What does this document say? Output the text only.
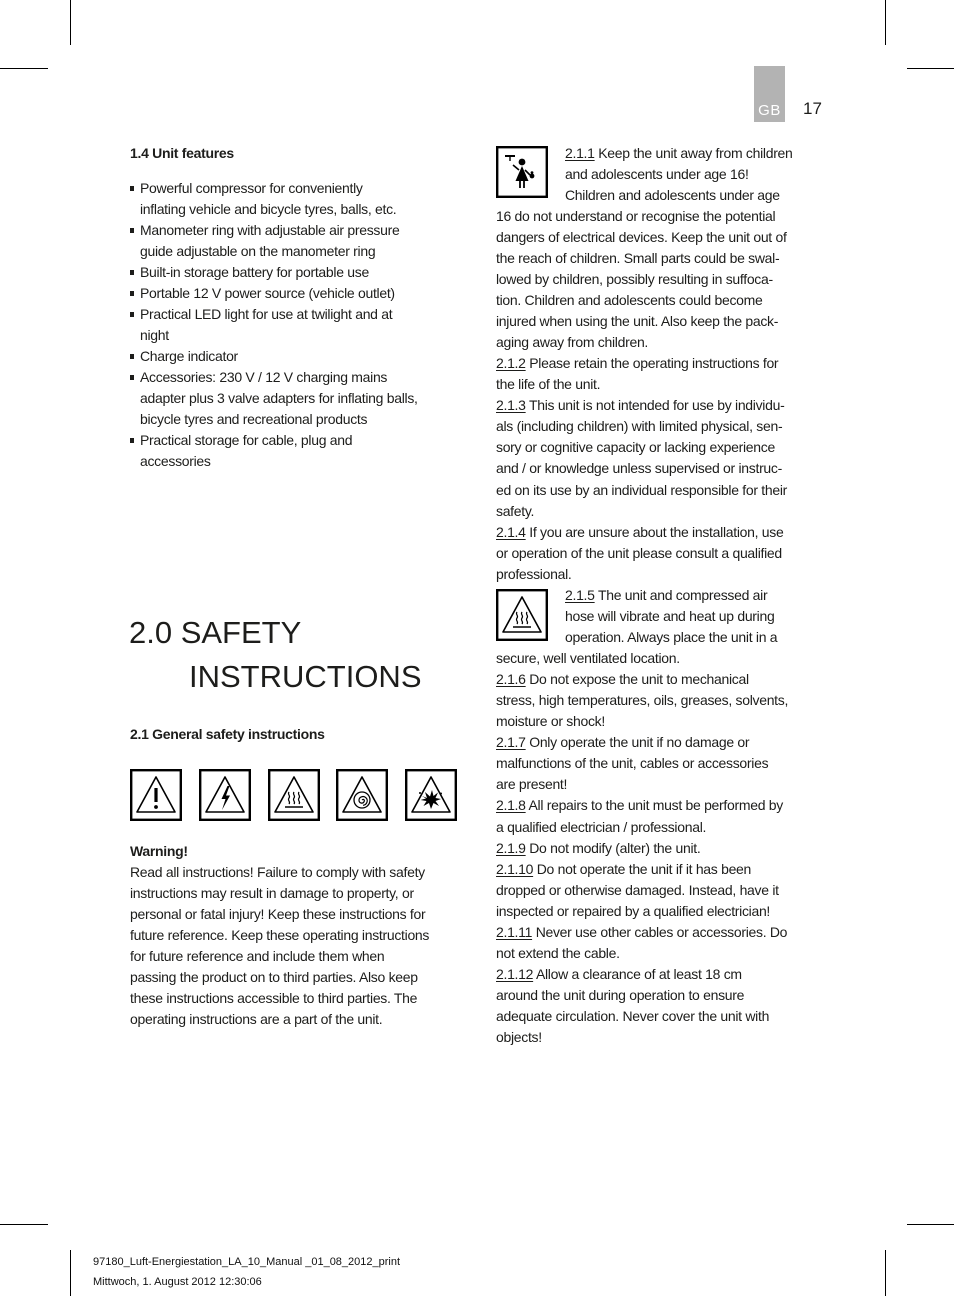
GB 17
1.4 Unit features
Powerful compressor for conveniently
inflating vehicle and bicycle tyres, balls, etc.
Manometer ring with adjustable air pressure
guide adjustable on the manometer ring
Built-in storage battery for portable use
Portable 12 V power source (vehicle outlet)
Practical LED light for use at twilight and at
night
Charge indicator
Accessories: 230 V / 12 V charging mains
adapter plus 3 valve adapters for inflating balls,
bicycle tyres and recreational products
Practical storage for cable, plug and
accessories
2.0 SAFETY
INSTRUCTIONS
2.1 General safety instructions
Warning!
Read all instructions! Failure to comply with safety
instructions may result in damage to property, or
personal or fatal injury! Keep these instructions for
future reference. Keep these operating instructions
for future reference and include them when
passing the product on to third parties. Also keep
these instructions accessible to third parties. The
operating instructions are a part of the unit.
2.1.1 Keep the unit away from children
and adolescents under age 16!
Children and adolescents under age
16 do not understand or recognise the potential
dangers of electrical devices. Keep the unit out of
the reach of children. Small parts could be swal-
lowed by children, possibly resulting in suffoca-
tion. Children and adolescents could become
injured when using the unit. Also keep the pack-
aging away from children.
2.1.2 Please retain the operating instructions for
the life of the unit.
2.1.3 This unit is not intended for use by individu-
als (including children) with limited physical, sen-
sory or cognitive capacity or lacking experience
and / or knowledge unless supervised or instruc-
ed on its use by an individual responsible for their
safety.
2.1.4 If you are unsure about the installation, use
or operation of the unit please consult a qualified
professional.
2.1.5 The unit and compressed air
hose will vibrate and heat up during
operation. Always place the unit in a
secure, well ventilated location.
2.1.6 Do not expose the unit to mechanical
stress, high temperatures, oils, greases, solvents,
moisture or shock!
2.1.7 Only operate the unit if no damage or
malfunctions of the unit, cables or accessories
are present!
2.1.8 All repairs to the unit must be performed by
a qualified electrician / professional.
2.1.9 Do not modify (alter) the unit.
2.1.10 Do not operate the unit if it has been
dropped or otherwise damaged. Instead, have it
inspected or repaired by a qualified electrician!
2.1.11 Never use other cables or accessories. Do
not extend the cable.
2.1.12 Allow a clearance of at least 18 cm
around the unit during operation to ensure
adequate circulation. Never cover the unit with
objects!
97180_Luft-Energiestation_LA_10_Manual _01_08_2012_print
Mittwoch, 1. August 2012 12:30:06
